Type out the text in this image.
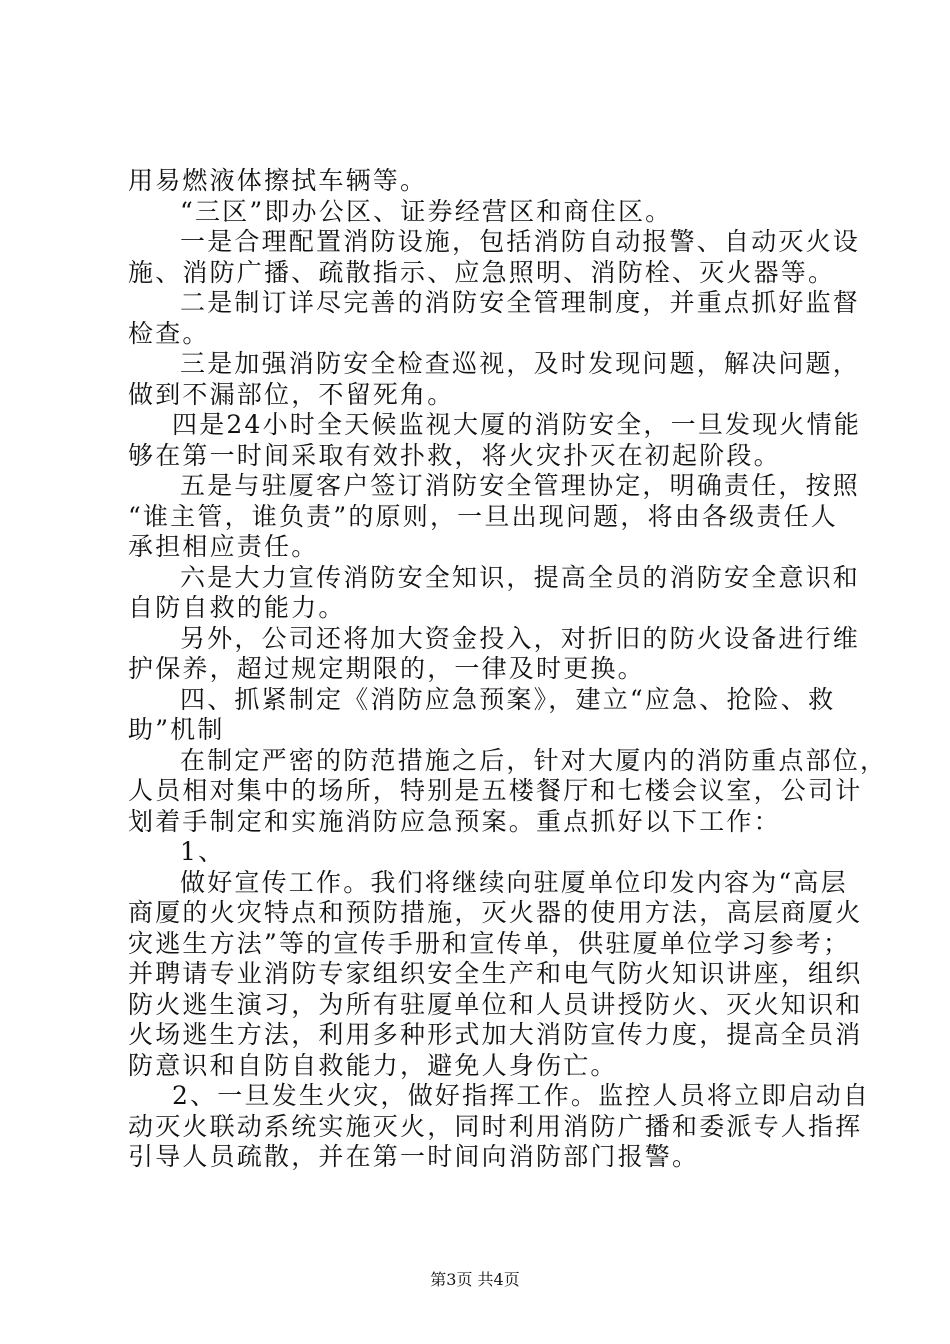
用易燃液体擦拭车辆等。
“三区”即办公区、证券经营区和商住区。
一是合理配置消防设施，包括消防自动报警、自动灭火设
施、消防广播、疏散指示、应急照明、消防栓、灭火器等。
二是制订详尽完善的消防安全管理制度，并重点抓好监督
检查。
三是加强消防安全检查巡视，及时发现问题，解决问题，
做到不漏部位，不留死角。
四是24小时全天候监视大厦的消防安全，一旦发现火情能
够在第一时间采取有效扑救，将火灾扑灭在初起阶段。
五是与驻厦客户签订消防安全管理协定，明确责任，按照
“谁主管，谁负责”的原则，一旦出现问题，将由各级责任人
承担相应责任。
六是大力宣传消防安全知识，提高全员的消防安全意识和
自防自救的能力。
另外，公司还将加大资金投入，对折旧的防火设备进行维
护保养，超过规定期限的，一律及时更换。
四、抓紧制定《消防应急预案》，建立“应急、抢险、救
助”机制
在制定严密的防范措施之后，针对大厦内的消防重点部位，
人员相对集中的场所，特别是五楼餐厅和七楼会议室，公司计
划着手制定和实施消防应急预案。重点抓好以下工作：
1、
做好宣传工作。我们将继续向驻厦单位印发内容为“高层
商厦的火灾特点和预防措施，灭火器的使用方法，高层商厦火
灾逃生方法”等的宣传手册和宣传单，供驻厦单位学习参考；
并聘请专业消防专家组织安全生产和电气防火知识讲座，组织
防火逃生演习，为所有驻厦单位和人员讲授防火、灭火知识和
火场逃生方法，利用多种形式加大消防宣传力度，提高全员消
防意识和自防自救能力，避免人身伤亡。
2、一旦发生火灾，做好指挥工作。监控人员将立即启动自
动灭火联动系统实施灭火，同时利用消防广播和委派专人指挥
引导人员疏散，并在第一时间向消防部门报警。
第3页 共4页
